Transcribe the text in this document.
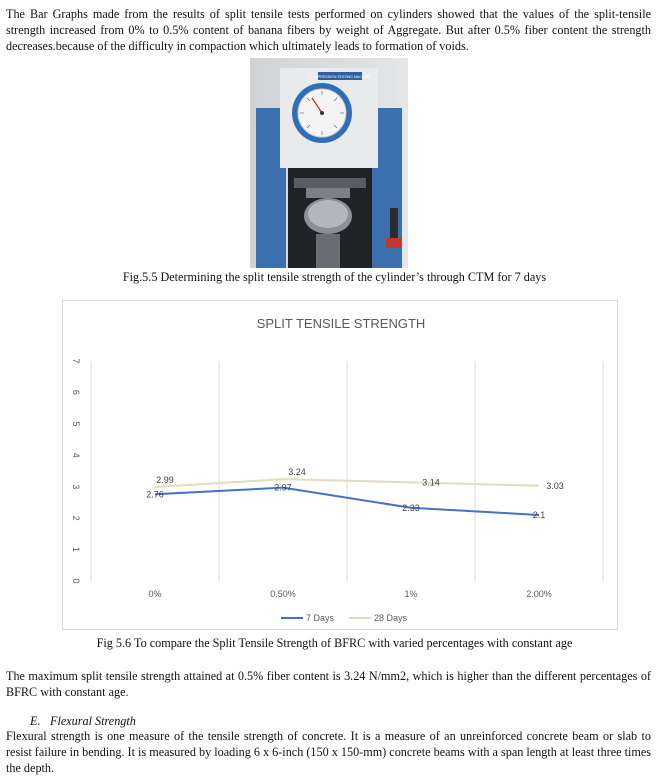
The Bar Graphs made from the results of split tensile tests performed on cylinders showed that the values of the split-tensile strength increased from 0% to 0.5% content of banana fibers by weight of Aggregate. But after 0.5% fiber content the strength decreases.because of the difficulty in compaction which ultimately leads to formation of voids.

COMPRESSION TESTING MACHINE

Fig.5.5 Determining the split tensile strength of the cylinder’s through CTM for 7 days

SPLIT TENSILE STRENGTH
0
1
2
3
4
5
6
7
0%	0.50%	1%	2.00%
2.76
2.97
2.33
2.1
2.99
3.24
3.14	3.03
7 Days	28 Days

Fig 5.6 To compare the Split Tensile Strength of BFRC with varied percentages with constant age

The maximum split tensile strength attained at 0.5% fiber content is 3.24 N/mm2, which is higher than the different percentages of BFRC with constant age.

E. Flexural Strength

Flexural strength is one measure of the tensile strength of concrete. It is a measure of an unreinforced concrete beam or slab to resist failure in bending. It is measured by loading 6 x 6-inch (150 x 150-mm) concrete beams with a span length at least three times the depth.
